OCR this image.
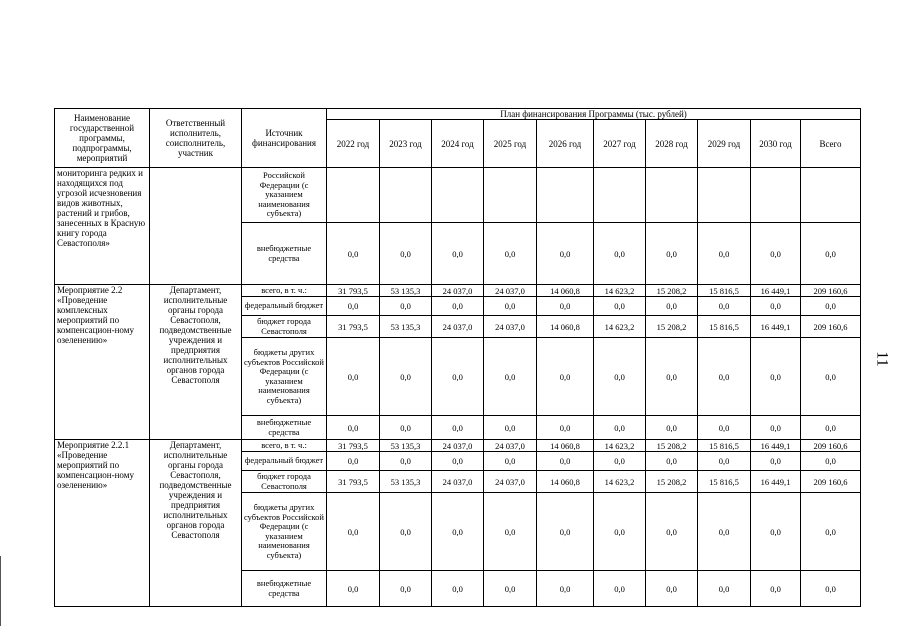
Наименование государственной программы, подпрограммы, мероприятий	Ответственный исполнитель, соисполнитель, участник	Источник финансирования	План финансирования Программы (тыс. рублей)									
			2022 год	2023 год	2024 год	2025 год	2026 год	2027 год	2028 год	2029 год	2030 год	Всего
мониторинга редких и находящихся под угрозой исчезновения видов животных, растений и грибов, занесенных в Красную книгу города Севастополя»		Российской Федерации (с указанием наименования субъекта)										
		внебюджетные средства	0,0	0,0	0,0	0,0	0,0	0,0	0,0	0,0	0,0	0,0
Мероприятие 2.2 «Проведение комплексных мероприятий по компенсацион-ному озеленению»	Департамент, исполнительные органы города Севастополя, подведомственные учреждения и предприятия исполнительных органов города Севастополя	всего, в т. ч.:	31 793,5	53 135,3	24 037,0	24 037,0	14 060,8	14 623,2	15 208,2	15 816,5	16 449,1	209 160,6
		федеральный бюджет	0,0	0,0	0,0	0,0	0,0	0,0	0,0	0,0	0,0	0,0
		бюджет города Севастополя	31 793,5	53 135,3	24 037,0	24 037,0	14 060,8	14 623,2	15 208,2	15 816,5	16 449,1	209 160,6
		бюджеты других субъектов Российской Федерации (с указанием наименования субъекта)	0,0	0,0	0,0	0,0	0,0	0,0	0,0	0,0	0,0	0,0
		внебюджетные средства	0,0	0,0	0,0	0,0	0,0	0,0	0,0	0,0	0,0	0,0
Мероприятие 2.2.1 «Проведение мероприятий по компенсацион-ному озеленению»	Департамент, исполнительные органы города Севастополя, подведомственные учреждения и предприятия исполнительных органов города Севастополя	всего, в т. ч.:	31 793,5	53 135,3	24 037,0	24 037,0	14 060,8	14 623,2	15 208,2	15 816,5	16 449,1	209 160,6
		федеральный бюджет	0,0	0,0	0,0	0,0	0,0	0,0	0,0	0,0	0,0	0,0
		бюджет города Севастополя	31 793,5	53 135,3	24 037,0	24 037,0	14 060,8	14 623,2	15 208,2	15 816,5	16 449,1	209 160,6
		бюджеты других субъектов Российской Федерации (с указанием наименования субъекта)	0,0	0,0	0,0	0,0	0,0	0,0	0,0	0,0	0,0	0,0
		внебюджетные средства	0,0	0,0	0,0	0,0	0,0	0,0	0,0	0,0	0,0	0,0
11
